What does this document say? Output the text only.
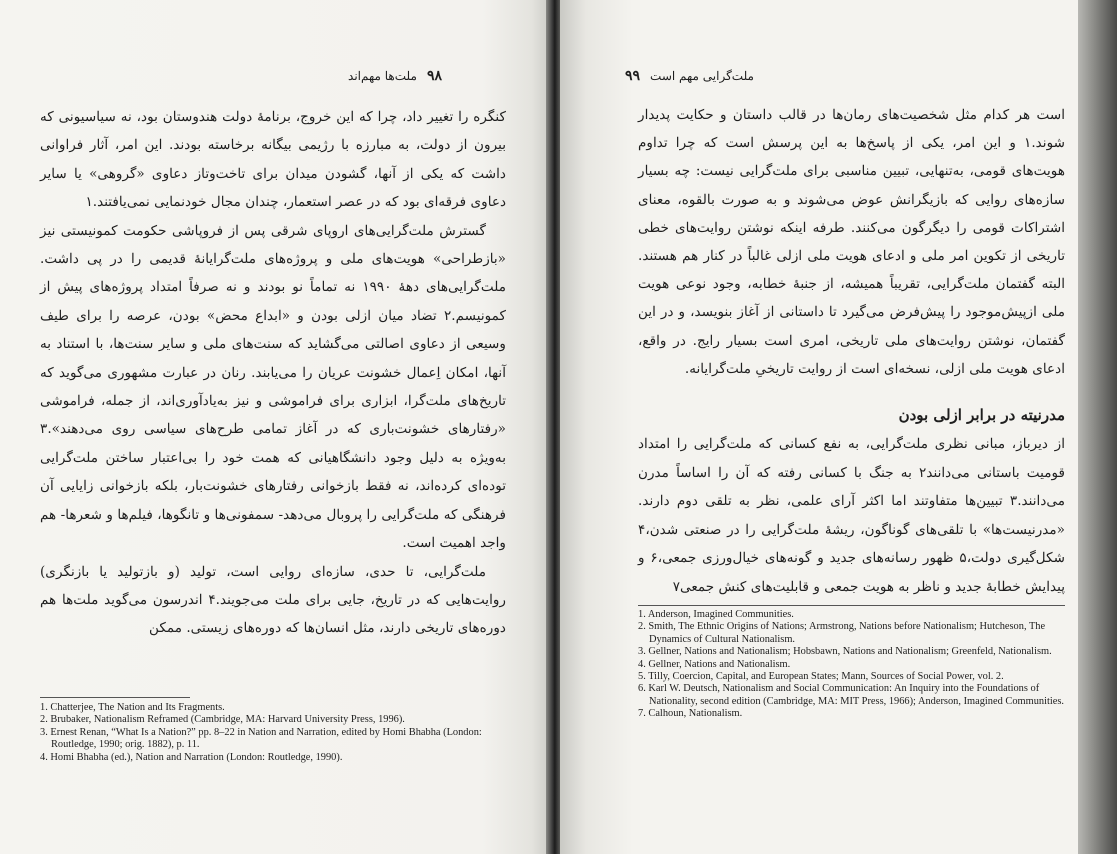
۹۸
ملت‌ها مهم‌اند

کنگره را تغییر داد، چرا که این خروج، برنامهٔ دولت هندوستان بود، نه سیاسیونی که بیرون از دولت، به مبارزه با رژیمی بیگانه برخاسته بودند. این امر، آثار فراوانی داشت که یکی از آنها، گشودن میدان برای تاخت‌وتاز دعاوی «گروهی» یا سایر دعاوی فرقه‌ای بود که در عصر استعمار، چندان مجال خودنمایی نمی‌یافتند.۱

گسترش ملت‌گرایی‌های اروپای شرقی پس از فروپاشی حکومت کمونیستی نیز «بازطراحی» هویت‌های ملی و پروژه‌های ملت‌گرایانهٔ قدیمی را در پی داشت. ملت‌گرایی‌های دههٔ ۱۹۹۰ نه تماماً نو بودند و نه صرفاً امتداد پروژه‌های پیش از کمونیسم.۲ تضاد میان ازلی بودن و «ابداع محض» بودن، عرصه را برای طیف وسیعی از دعاوی اصالتی می‌گشاید که سنت‌های ملی و سایر سنت‌ها، با استناد به آنها، امکان اِعمال خشونت عریان را می‌یابند. رنان در عبارت مشهوری می‌گوید که تاریخ‌های ملت‌گرا، ابزاری برای فراموشی و نیز به‌یادآوری‌اند، از جمله، فراموشی «رفتارهای خشونت‌باری که در آغاز تمامی طرح‌های سیاسی روی می‌دهند».۳ به‌ویژه به دلیل وجود دانشگاهیانی که همت خود را بی‌اعتبار ساختن ملت‌گرایی توده‌ای کرده‌اند، نه فقط بازخوانی رفتارهای خشونت‌بار، بلکه بازخوانی زایایی آن فرهنگی که ملت‌گرایی را پروبال می‌دهد- سمفونی‌ها و تانگوها، فیلم‌ها و شعرها- هم واجد اهمیت است.

ملت‌گرایی، تا حدی، سازه‌ای روایی است، تولید (و بازتولید یا بازنگری) روایت‌هایی که در تاریخ، جایی برای ملت می‌جویند.۴ اندرسون می‌گوید ملت‌ها هم دوره‌های تاریخی دارند، مثل انسان‌ها که دوره‌های زیستی. ممکن

1. Chatterjee, The Nation and Its Fragments.
2. Brubaker, Nationalism Reframed (Cambridge, MA: Harvard University Press, 1996).
3. Ernest Renan, “What Is a Nation?” pp. 8–22 in Nation and Narration, edited by Homi Bhabha (London: Routledge, 1990; orig. 1882), p. 11.
4. Homi Bhabha (ed.), Nation and Narration (London: Routledge, 1990).
ملت‌گرایی مهم است
۹۹

است هر کدام مثل شخصیت‌های رمان‌ها در قالب داستان و حکایت پدیدار شوند.۱ و این امر، یکی از پاسخ‌ها به این پرسش است که چرا تداوم هویت‌های قومی، به‌تنهایی، تبیین مناسبی برای ملت‌گرایی نیست: چه بسیار سازه‌های روایی که بازیگرانش عوض می‌شوند و به صورت بالقوه، معنای اشتراکات قومی را دیگرگون می‌کنند. طرفه اینکه نوشتن روایت‌های خطی تاریخی از تکوین امر ملی و ادعای هویت ملی ازلی غالباً در کنار هم هستند. البته گفتمان ملت‌گرایی، تقریباً همیشه، از جنبهٔ خطابه، وجود نوعی هویت ملی ازپیش‌موجود را پیش‌فرض می‌گیرد تا داستانی از آغاز بنویسد، و در این گفتمان، نوشتن روایت‌های ملی تاریخی، امری است بسیار رایج. در واقع، ادعای هویت ملی ازلی، نسخه‌ای است از روایت تاریخیِ ملت‌گرایانه.

مدرنیته در برابر ازلی بودن

از دیرباز، مبانی نظری ملت‌گرایی، به نفع کسانی که ملت‌گرایی را امتداد قومیت باستانی می‌دانند۲ به جنگ با کسانی رفته که آن را اساساً مدرن می‌دانند.۳ تبیین‌ها متفاوتند اما اکثر آرای علمی، نظر به تلقی دوم دارند. «مدرنیست‌ها» با تلقی‌های گوناگون، ریشهٔ ملت‌گرایی را در صنعتی شدن،۴ شکل‌گیری دولت،۵ ظهور رسانه‌های جدید و گونه‌های خیال‌ورزی جمعی،۶ و پیدایش خطابهٔ جدید و ناظر به هویت جمعی و قابلیت‌های کنش جمعی۷

1. Anderson, Imagined Communities.
2. Smith, The Ethnic Origins of Nations; Armstrong, Nations before Nationalism; Hutcheson, The Dynamics of Cultural Nationalism.
3. Gellner, Nations and Nationalism; Hobsbawn, Nations and Nationalism; Greenfeld, Nationalism.
4. Gellner, Nations and Nationalism.
5. Tilly, Coercion, Capital, and European States; Mann, Sources of Social Power, vol. 2.
6. Karl W. Deutsch, Nationalism and Social Communication: An Inquiry into the Foundations of Nationality, second edition (Cambridge, MA: MIT Press, 1966); Anderson, Imagined Communities.
7. Calhoun, Nationalism.
